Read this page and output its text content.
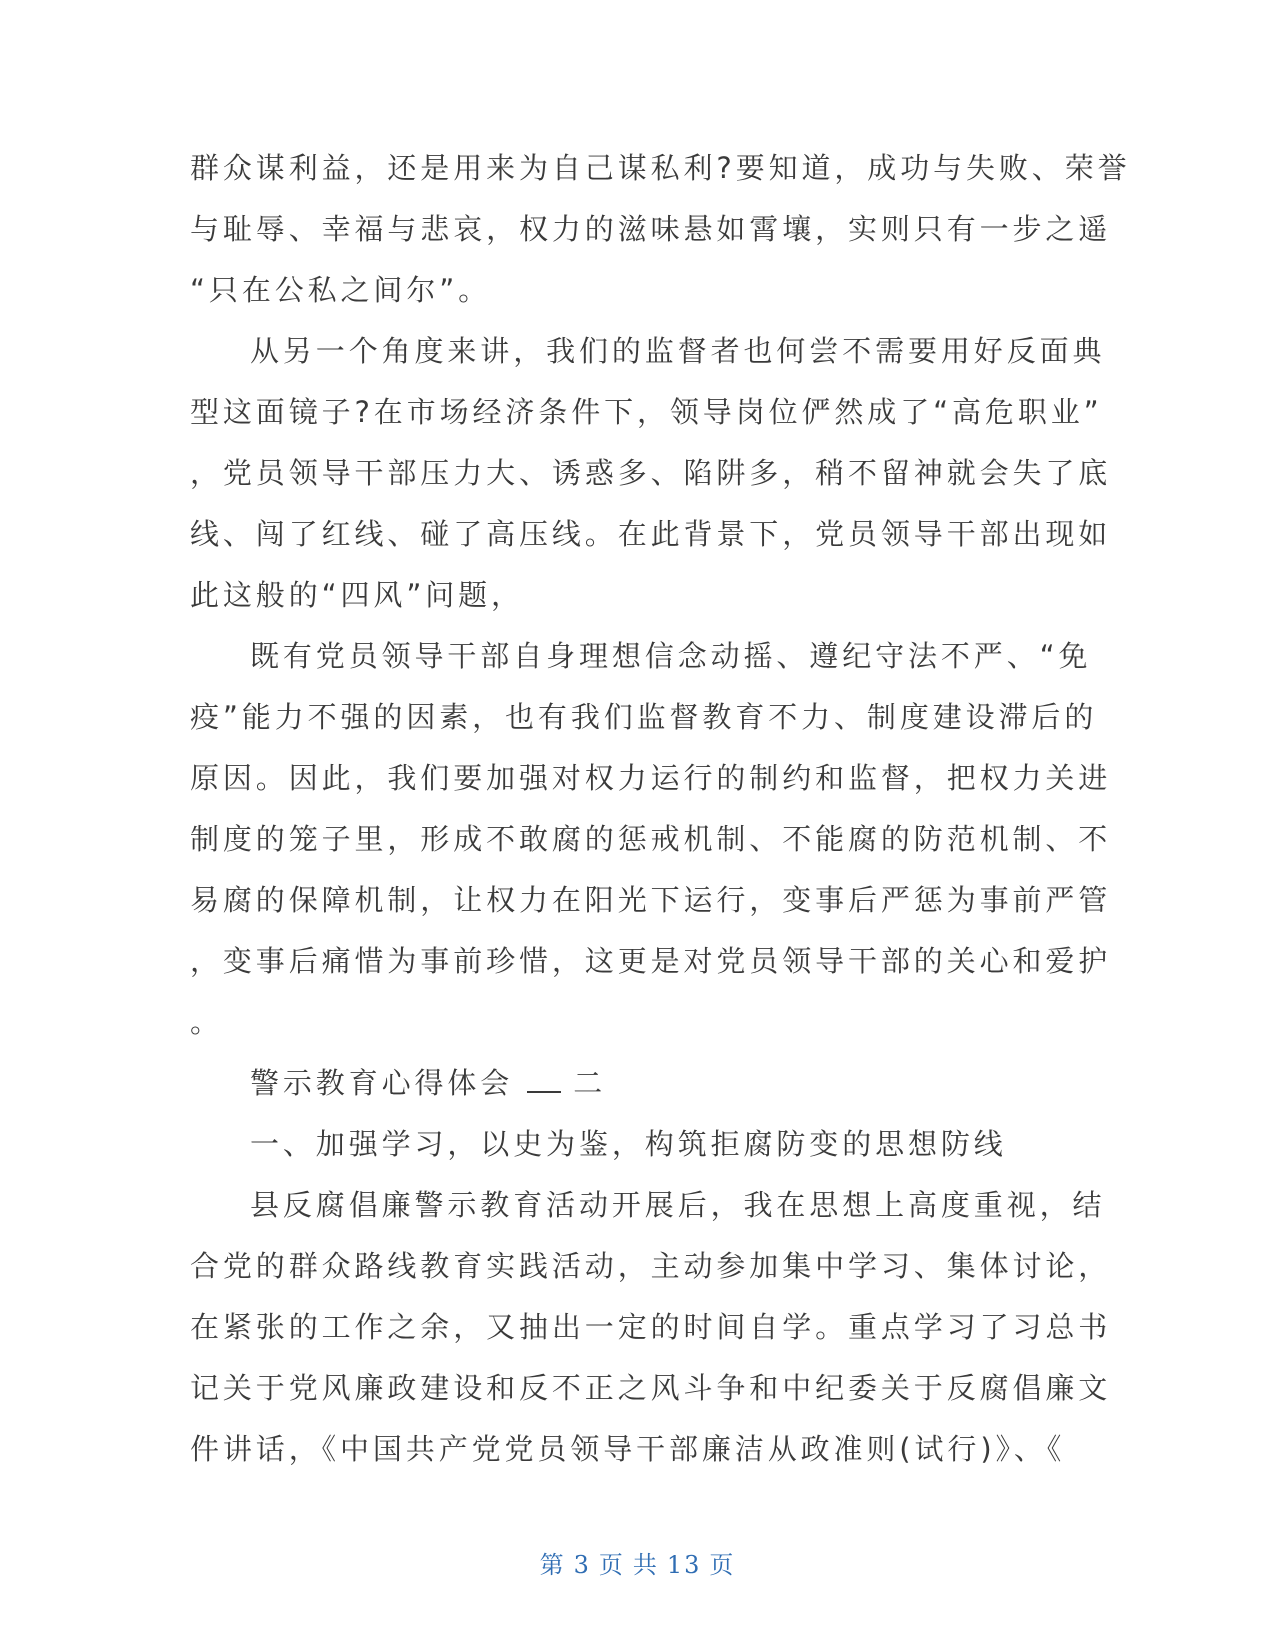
群众谋利益，还是用来为自己谋私利?要知道，成功与失败、荣誉
与耻辱、幸福与悲哀，权力的滋味悬如霄壤，实则只有一步之遥
“只在公私之间尔”。
从另一个角度来讲，我们的监督者也何尝不需要用好反面典
型这面镜子?在市场经济条件下，领导岗位俨然成了“高危职业”
，党员领导干部压力大、诱惑多、陷阱多，稍不留神就会失了底
线、闯了红线、碰了高压线。在此背景下，党员领导干部出现如
此这般的“四风”问题，
既有党员领导干部自身理想信念动摇、遵纪守法不严、“免
疫”能力不强的因素，也有我们监督教育不力、制度建设滞后的
原因。因此，我们要加强对权力运行的制约和监督，把权力关进
制度的笼子里，形成不敢腐的惩戒机制、不能腐的防范机制、不
易腐的保障机制，让权力在阳光下运行，变事后严惩为事前严管
，变事后痛惜为事前珍惜，这更是对党员领导干部的关心和爱护
。
警示教育心得体会 二
一、加强学习，以史为鉴，构筑拒腐防变的思想防线
县反腐倡廉警示教育活动开展后，我在思想上高度重视，结
合党的群众路线教育实践活动，主动参加集中学习、集体讨论，
在紧张的工作之余，又抽出一定的时间自学。重点学习了习总书
记关于党风廉政建设和反不正之风斗争和中纪委关于反腐倡廉文
件讲话，《中国共产党党员领导干部廉洁从政准则(试行)》、《
第 3 页 共 13 页
